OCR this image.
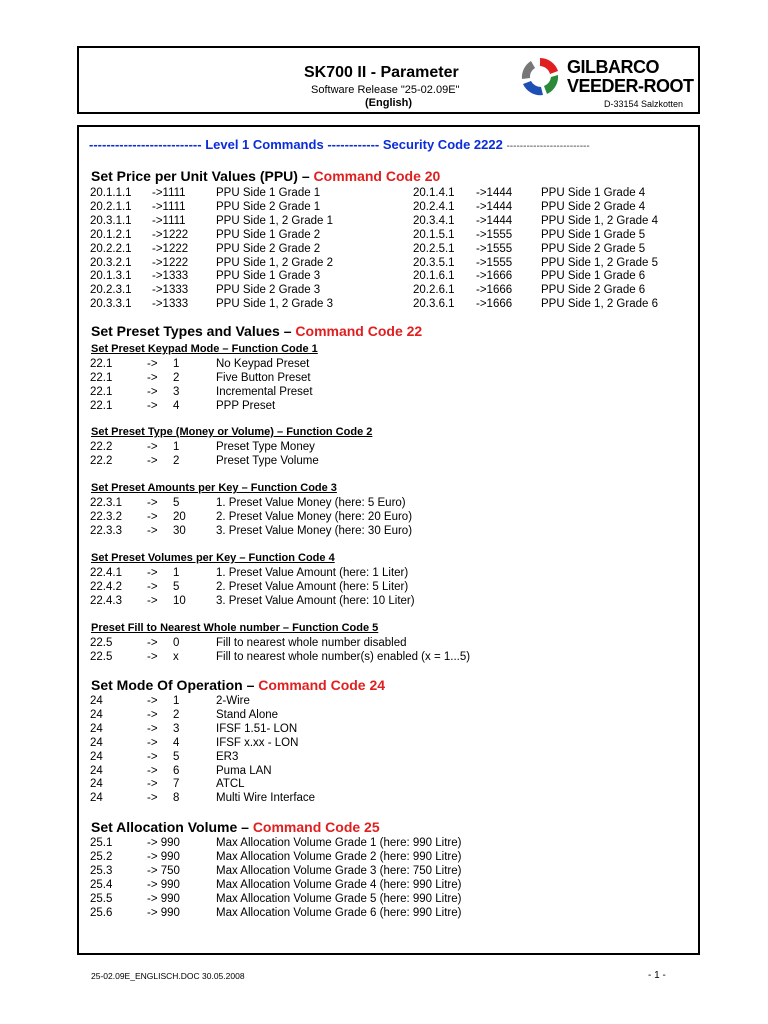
SK700 II - Parameter
Software Release "25-02.09E"
(English)
GILBARCO
VEEDER-ROOT
D-33154 Salzkotten
-------------------------- Level 1 Commands ------------ Security Code 2222 -------------------------
Set Price per Unit Values (PPU) – Command Code 20
20.1.1.1 ->1111	PPU Side 1 Grade 1
20.2.1.1 ->1111	PPU Side 2 Grade 1
20.3.1.1 ->1111	PPU Side 1, 2 Grade 1
20.1.2.1 ->1222 PPU Side 1 Grade 2
20.2.2.1 ->1222 PPU Side 2 Grade 2
20.3.2.1 ->1222 PPU Side 1, 2 Grade 2
20.1.3.1 ->1333 PPU Side 1 Grade 3
20.2.3.1 ->1333 PPU Side 2 Grade 3
20.3.3.1 ->1333 PPU Side 1, 2 Grade 3
20.1.4.1 ->1444	PPU Side 1 Grade 4
20.2.4.1 ->1444	PPU Side 2 Grade 4
20.3.4.1 ->1444	PPU Side 1, 2 Grade 4
20.1.5.1 ->1555	PPU Side 1 Grade 5
20.2.5.1 ->1555	PPU Side 2 Grade 5
20.3.5.1 ->1555	PPU Side 1, 2 Grade 5
20.1.6.1 ->1666	PPU Side 1 Grade 6
20.2.6.1 ->1666	PPU Side 2 Grade 6
20.3.6.1 ->1666	PPU Side 1, 2 Grade 6
Set Preset Types and Values – Command Code 22
Set Preset Keypad Mode – Function Code 1
22.1	-> 1	No Keypad Preset
22.1	-> 2	Five Button Preset
22.1	-> 3	Incremental Preset
22.1	-> 4	PPP Preset
Set Preset Type (Money or Volume) – Function Code 2
22.2	-> 1	Preset Type Money
22.2	-> 2	Preset Type Volume
Set Preset Amounts per Key – Function Code 3
22.3.1 -> 5	1. Preset Value Money (here: 5 Euro)
22.3.2 -> 20	2. Preset Value Money (here: 20 Euro)
22.3.3 -> 30	3. Preset Value Money (here: 30 Euro)
Set Preset Volumes per Key – Function Code 4
22.4.1 -> 1	1. Preset Value Amount (here: 1 Liter)
22.4.2 -> 5	2. Preset Value Amount (here: 5 Liter)
22.4.3 -> 10	3. Preset Value Amount (here: 10 Liter)
Preset Fill to Nearest Whole number – Function Code 5
22.5	-> 0	Fill to nearest whole number disabled
22.5	-> x	Fill to nearest whole number(s) enabled (x = 1...5)
Set Mode Of Operation – Command Code 24
24	-> 1	2-Wire
24	-> 2	Stand Alone
24	-> 3	IFSF 1.51- LON
24	-> 4	IFSF x.xx - LON
24	-> 5	ER3
24	-> 6	Puma LAN
24	-> 7	ATCL
24	-> 8	Multi Wire Interface
Set Allocation Volume – Command Code 25
25.1	-> 990	Max Allocation Volume Grade 1 (here: 990 Litre)
25.2	-> 990	Max Allocation Volume Grade 2 (here: 990 Litre)
25.3	-> 750	Max Allocation Volume Grade 3 (here: 750 Litre)
25.4	-> 990	Max Allocation Volume Grade 4 (here: 990 Litre)
25.5	-> 990	Max Allocation Volume Grade 5 (here: 990 Litre)
25.6	-> 990	Max Allocation Volume Grade 6 (here: 990 Litre)
25-02.09E_ENGLISCH.DOC 30.05.2008	- 1 -
